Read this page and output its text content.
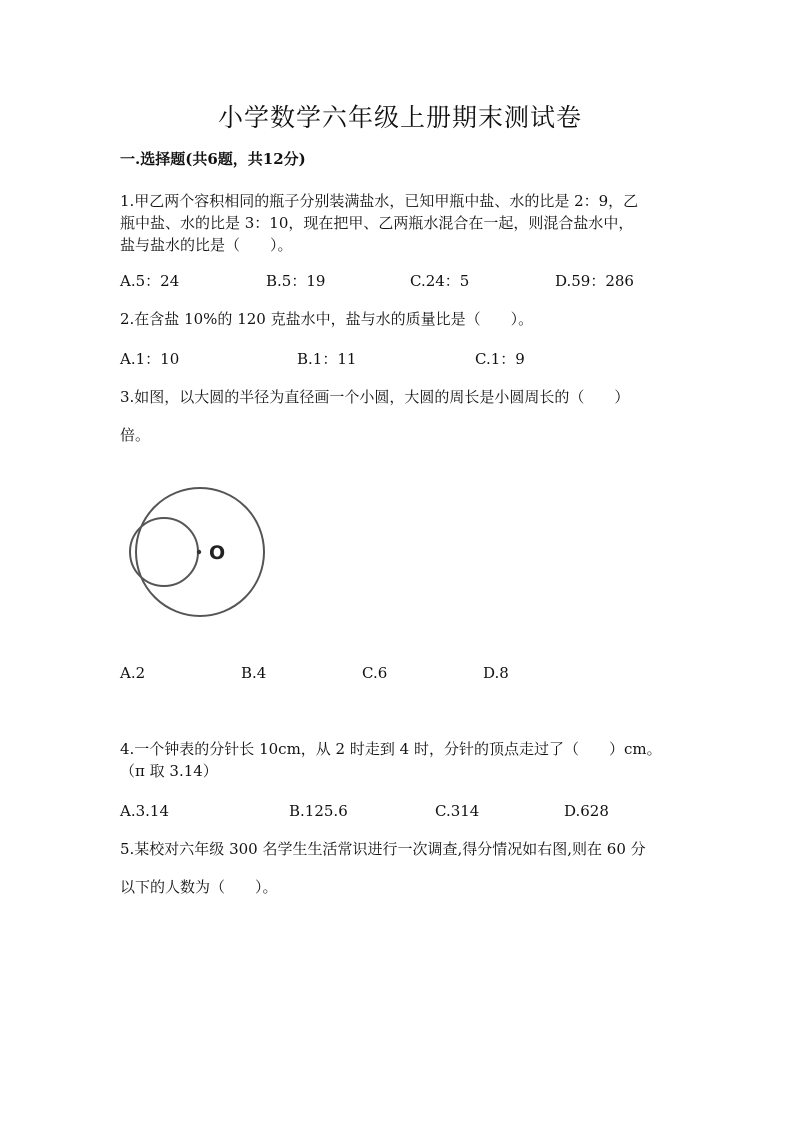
小学数学六年级上册期末测试卷
一.选择题(共6题，共12分)
1.甲乙两个容积相同的瓶子分别装满盐水，已知甲瓶中盐、水的比是 2：9，乙
瓶中盐、水的比是 3：10，现在把甲、乙两瓶水混合在一起，则混合盐水中，
盐与盐水的比是（　　）。
A.5：24	B.5：19	C.24：5	D.59：286
2.在含盐 10%的 120 克盐水中，盐与水的质量比是（　　）。
A.1：10	B.1：11	C.1：9
3.如图，以大圆的半径为直径画一个小圆，大圆的周长是小圆周长的（　　）
倍。
O
A.2	B.4	C.6	D.8
4.一个钟表的分针长 10cm，从 2 时走到 4 时，分针的顶点走过了（　　）cm。
（π 取 3.14）
A.3.14	B.125.6	C.314	D.628
5.某校对六年级 300 名学生生活常识进行一次调查,得分情况如右图,则在 60 分
以下的人数为（　　）。
